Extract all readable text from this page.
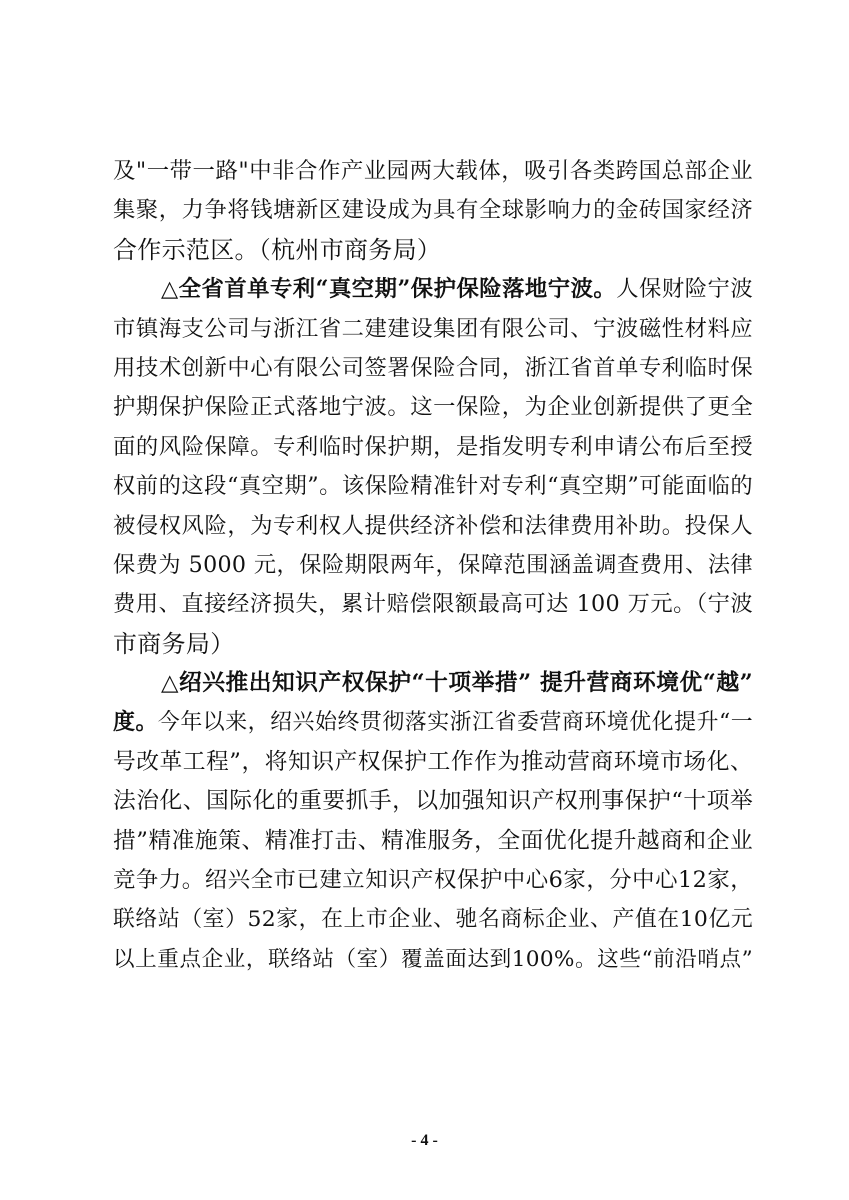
及"一带一路"中非合作产业园两大载体，吸引各类跨国总部企业
集聚，力争将钱塘新区建设成为具有全球影响力的金砖国家经济
合作示范区。（杭州市商务局）
△全省首单专利“真空期”保护保险落地宁波。人保财险宁波
市镇海支公司与浙江省二建建设集团有限公司、宁波磁性材料应
用技术创新中心有限公司签署保险合同，浙江省首单专利临时保
护期保护保险正式落地宁波。这一保险，为企业创新提供了更全
面的风险保障。专利临时保护期，是指发明专利申请公布后至授
权前的这段“真空期”。该保险精准针对专利“真空期”可能面临的
被侵权风险，为专利权人提供经济补偿和法律费用补助。投保人
保费为 5000 元，保险期限两年，保障范围涵盖调查费用、法律
费用、直接经济损失，累计赔偿限额最高可达 100 万元。（宁波
市商务局）
△绍兴推出知识产权保护“十项举措” 提升营商环境优“越”
度。今年以来，绍兴始终贯彻落实浙江省委营商环境优化提升“一
号改革工程”，将知识产权保护工作作为推动营商环境市场化、
法治化、国际化的重要抓手，以加强知识产权刑事保护“十项举
措”精准施策、精准打击、精准服务，全面优化提升越商和企业
竞争力。绍兴全市已建立知识产权保护中心6家，分中心12家，
联络站（室）52家，在上市企业、驰名商标企业、产值在10亿元
以上重点企业，联络站（室）覆盖面达到100%。这些“前沿哨点”
- 4 -
